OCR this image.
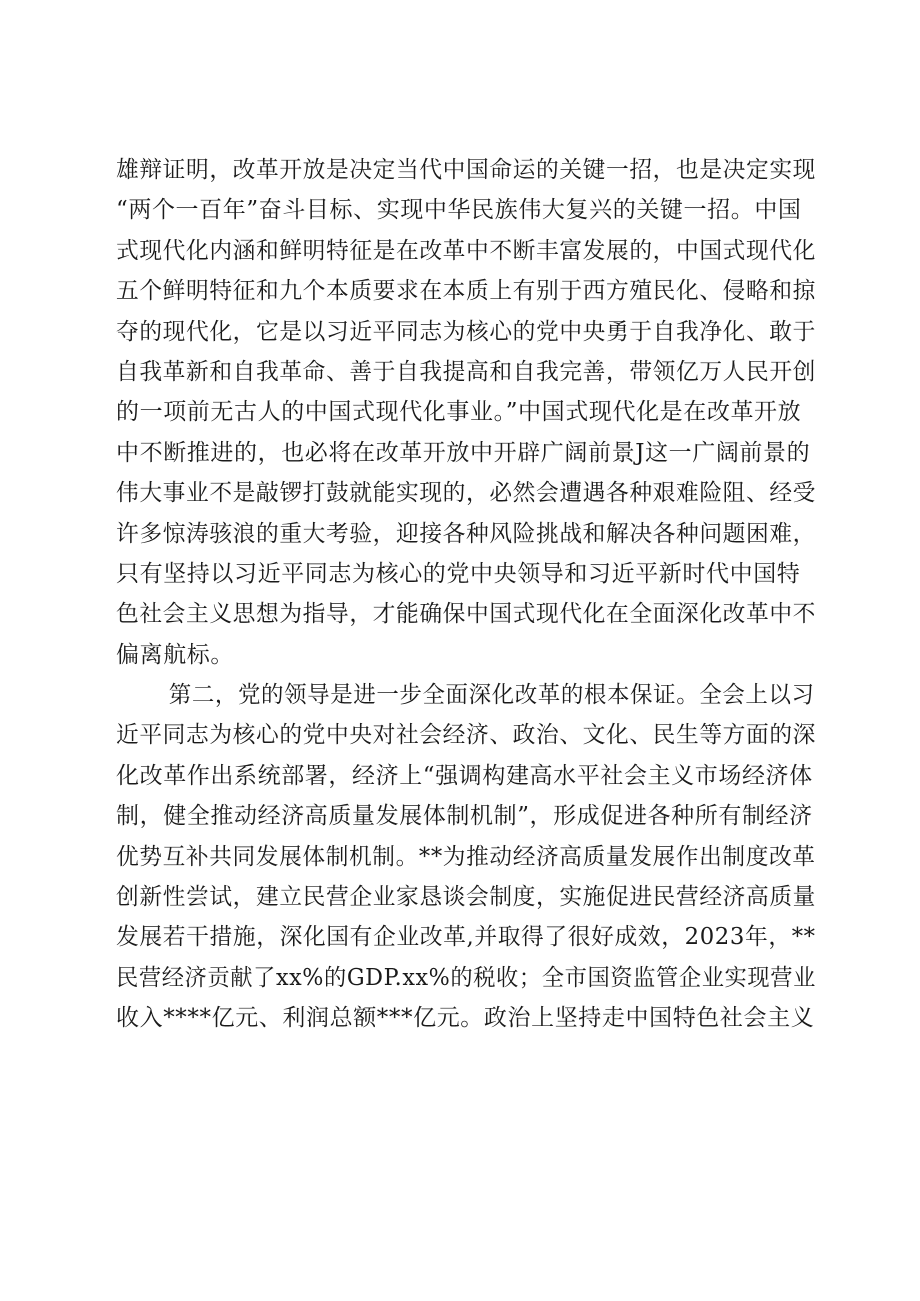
雄辩证明，改革开放是决定当代中国命运的关键一招，也是决定实现
“两个一百年”奋斗目标、实现中华民族伟大复兴的关键一招。中国
式现代化内涵和鲜明特征是在改革中不断丰富发展的，中国式现代化
五个鲜明特征和九个本质要求在本质上有别于西方殖民化、侵略和掠
夺的现代化，它是以习近平同志为核心的党中央勇于自我净化、敢于
自我革新和自我革命、善于自我提高和自我完善，带领亿万人民开创
的一项前无古人的中国式现代化事业。”中国式现代化是在改革开放
中不断推进的，也必将在改革开放中开辟广阔前景J这一广阔前景的
伟大事业不是敲锣打鼓就能实现的，必然会遭遇各种艰难险阻、经受
许多惊涛骇浪的重大考验，迎接各种风险挑战和解决各种问题困难，
只有坚持以习近平同志为核心的党中央领导和习近平新时代中国特
色社会主义思想为指导，才能确保中国式现代化在全面深化改革中不
偏离航标。
第二，党的领导是进一步全面深化改革的根本保证。全会上以习
近平同志为核心的党中央对社会经济、政治、文化、民生等方面的深
化改革作出系统部署，经济上“强调构建高水平社会主义市场经济体
制，健全推动经济高质量发展体制机制”，形成促进各种所有制经济
优势互补共同发展体制机制。**为推动经济高质量发展作出制度改革
创新性尝试，建立民营企业家恳谈会制度，实施促进民营经济高质量
发展若干措施，深化国有企业改革,并取得了很好成效，2023年，**
民营经济贡献了xx%的GDP.xx%的税收；全市国资监管企业实现营业
收入****亿元、利润总额***亿元。政治上坚持走中国特色社会主义
